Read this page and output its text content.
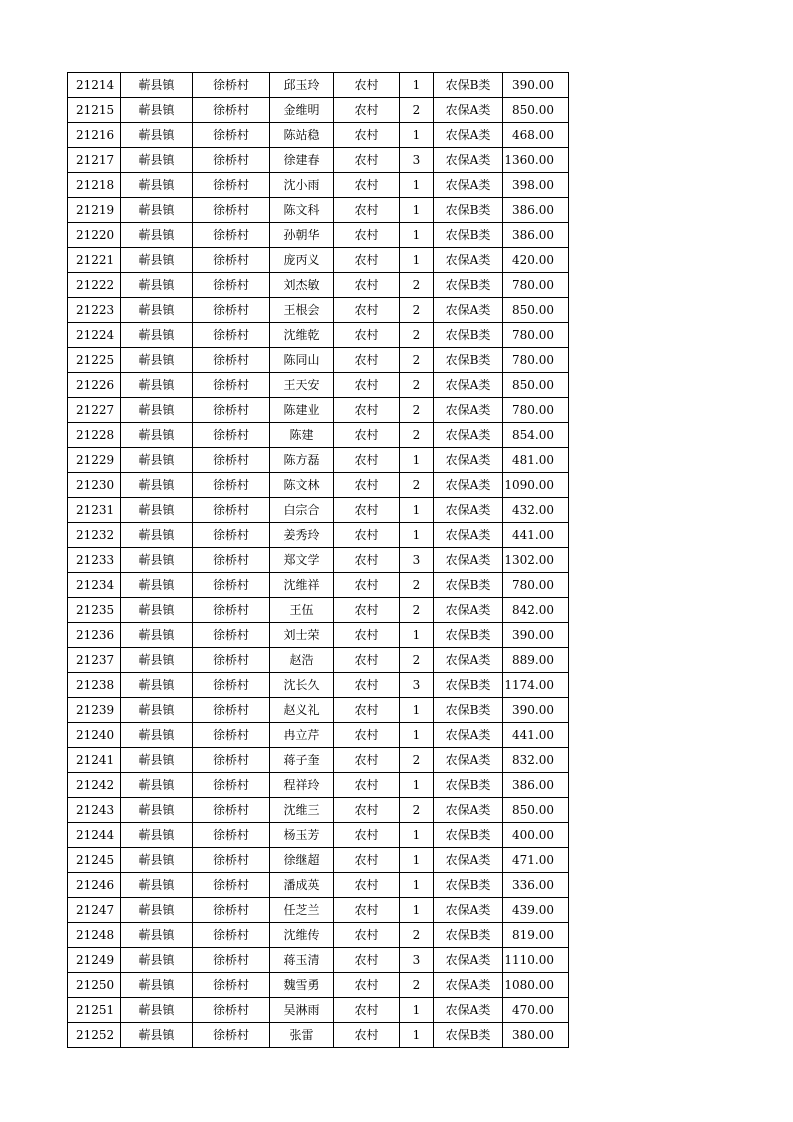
21214	蕲县镇	徐桥村	邱玉玲	农村	1	农保B类	390.00
21215	蕲县镇	徐桥村	金维明	农村	2	农保A类	850.00
21216	蕲县镇	徐桥村	陈站稳	农村	1	农保A类	468.00
21217	蕲县镇	徐桥村	徐建春	农村	3	农保A类	1360.00
21218	蕲县镇	徐桥村	沈小雨	农村	1	农保A类	398.00
21219	蕲县镇	徐桥村	陈文科	农村	1	农保B类	386.00
21220	蕲县镇	徐桥村	孙朝华	农村	1	农保B类	386.00
21221	蕲县镇	徐桥村	庞丙义	农村	1	农保A类	420.00
21222	蕲县镇	徐桥村	刘杰敏	农村	2	农保B类	780.00
21223	蕲县镇	徐桥村	王根会	农村	2	农保A类	850.00
21224	蕲县镇	徐桥村	沈维乾	农村	2	农保B类	780.00
21225	蕲县镇	徐桥村	陈同山	农村	2	农保B类	780.00
21226	蕲县镇	徐桥村	王天安	农村	2	农保A类	850.00
21227	蕲县镇	徐桥村	陈建业	农村	2	农保A类	780.00
21228	蕲县镇	徐桥村	陈建	农村	2	农保A类	854.00
21229	蕲县镇	徐桥村	陈方磊	农村	1	农保A类	481.00
21230	蕲县镇	徐桥村	陈文林	农村	2	农保A类	1090.00
21231	蕲县镇	徐桥村	白宗合	农村	1	农保A类	432.00
21232	蕲县镇	徐桥村	姜秀玲	农村	1	农保A类	441.00
21233	蕲县镇	徐桥村	郑文学	农村	3	农保A类	1302.00
21234	蕲县镇	徐桥村	沈维祥	农村	2	农保B类	780.00
21235	蕲县镇	徐桥村	王伍	农村	2	农保A类	842.00
21236	蕲县镇	徐桥村	刘士荣	农村	1	农保B类	390.00
21237	蕲县镇	徐桥村	赵浩	农村	2	农保A类	889.00
21238	蕲县镇	徐桥村	沈长久	农村	3	农保B类	1174.00
21239	蕲县镇	徐桥村	赵义礼	农村	1	农保B类	390.00
21240	蕲县镇	徐桥村	冉立芹	农村	1	农保A类	441.00
21241	蕲县镇	徐桥村	蒋子奎	农村	2	农保A类	832.00
21242	蕲县镇	徐桥村	程祥玲	农村	1	农保B类	386.00
21243	蕲县镇	徐桥村	沈维三	农村	2	农保A类	850.00
21244	蕲县镇	徐桥村	杨玉芳	农村	1	农保B类	400.00
21245	蕲县镇	徐桥村	徐继超	农村	1	农保A类	471.00
21246	蕲县镇	徐桥村	潘成英	农村	1	农保B类	336.00
21247	蕲县镇	徐桥村	任芝兰	农村	1	农保A类	439.00
21248	蕲县镇	徐桥村	沈维传	农村	2	农保B类	819.00
21249	蕲县镇	徐桥村	蒋玉清	农村	3	农保A类	1110.00
21250	蕲县镇	徐桥村	魏雪勇	农村	2	农保A类	1080.00
21251	蕲县镇	徐桥村	吴淋雨	农村	1	农保A类	470.00
21252	蕲县镇	徐桥村	张雷	农村	1	农保B类	380.00
